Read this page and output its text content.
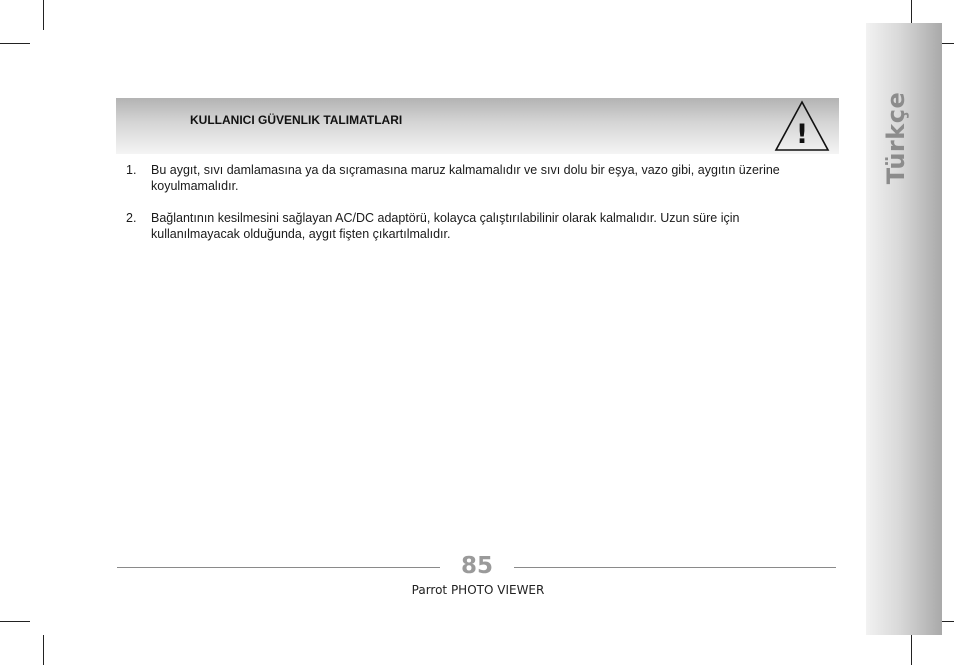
Türkçe
KULLANICI GÜVENLIK TALIMATLARI	!
1.	Bu aygıt, sıvı damlamasına ya da sıçramasına maruz kalmamalıdır ve sıvı dolu bir eşya, vazo gibi, aygıtın üzerine koyulmamalıdır.
2.	Bağlantının kesilmesini sağlayan AC/DC adaptörü, kolayca çalıştırılabilinir olarak kalmalıdır. Uzun süre için kullanılmayacak olduğunda, aygıt fişten çıkartılmalıdır.
85
Parrot PHOTO VIEWER
